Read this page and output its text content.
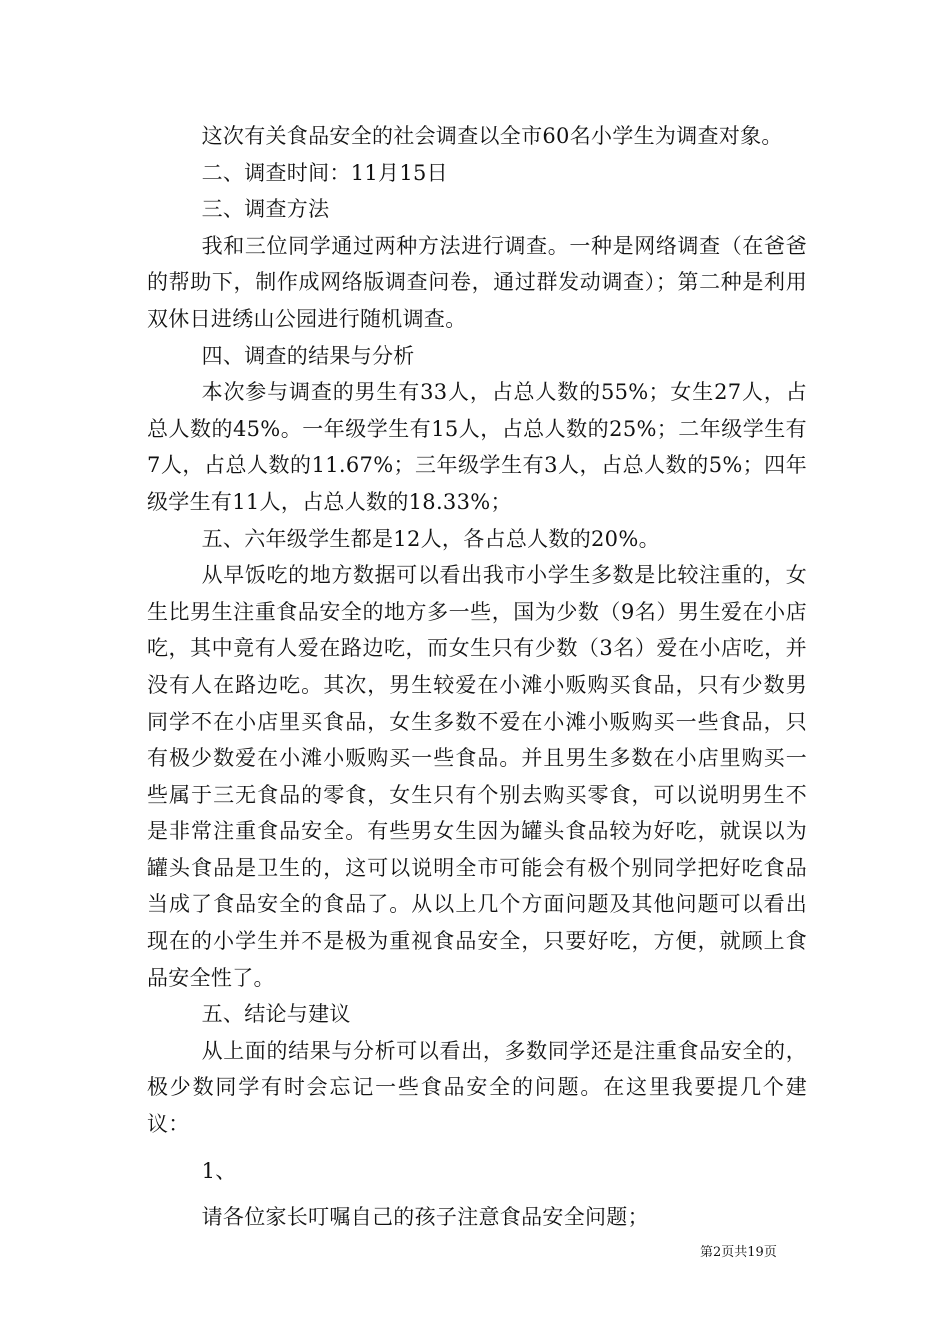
这次有关食品安全的社会调查以全市60名小学生为调查对象。

二、调查时间：11月15日

三、调查方法

我和三位同学通过两种方法进行调查。一种是网络调查（在爸爸的帮助下，制作成网络版调查问卷，通过群发动调查）；第二种是利用双休日进绣山公园进行随机调查。

四、调查的结果与分析

本次参与调查的男生有33人，占总人数的55%；女生27人，占总人数的45%。一年级学生有15人，占总人数的25%；二年级学生有7人，占总人数的11.67%；三年级学生有3人，占总人数的5%；四年级学生有11人，占总人数的18.33%；

五、六年级学生都是12人，各占总人数的20%。

从早饭吃的地方数据可以看出我市小学生多数是比较注重的，女生比男生注重食品安全的地方多一些，国为少数（9名）男生爱在小店吃，其中竟有人爱在路边吃，而女生只有少数（3名）爱在小店吃，并没有人在路边吃。其次，男生较爱在小滩小贩购买食品，只有少数男同学不在小店里买食品，女生多数不爱在小滩小贩购买一些食品，只有极少数爱在小滩小贩购买一些食品。并且男生多数在小店里购买一些属于三无食品的零食，女生只有个别去购买零食，可以说明男生不是非常注重食品安全。有些男女生因为罐头食品较为好吃，就误以为罐头食品是卫生的，这可以说明全市可能会有极个别同学把好吃食品当成了食品安全的食品了。从以上几个方面问题及其他问题可以看出现在的小学生并不是极为重视食品安全，只要好吃，方便，就顾上食品安全性了。

五、结论与建议

从上面的结果与分析可以看出，多数同学还是注重食品安全的，极少数同学有时会忘记一些食品安全的问题。在这里我要提几个建议：

1、

请各位家长叮嘱自己的孩子注意食品安全问题；

第2页共19页
